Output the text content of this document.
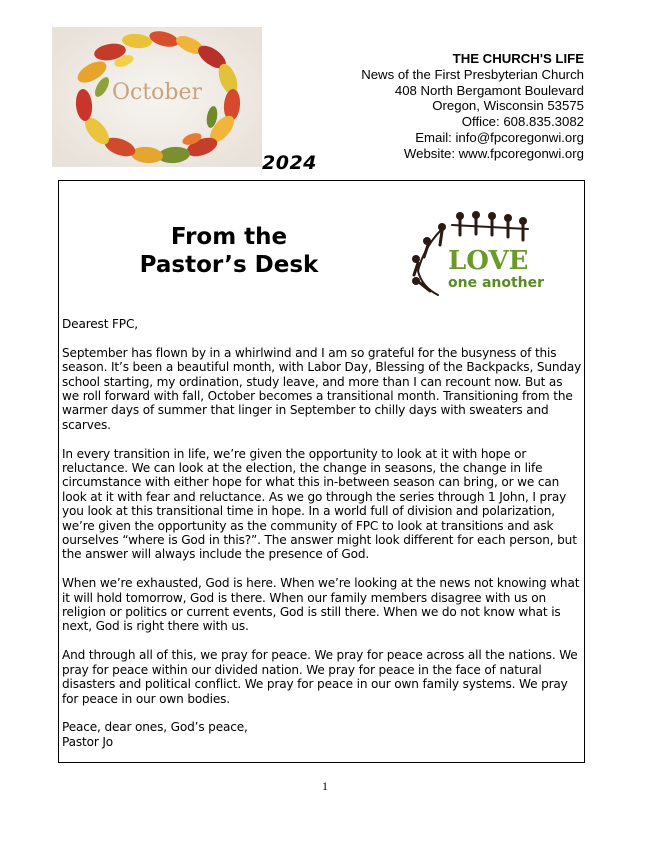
October
2024
THE CHURCH'S LIFE
News of the First Presbyterian Church
408 North Bergamont Boulevard
Oregon, Wisconsin 53575
Office: 608.835.3082
Email: info@fpcoregonwi.org
Website: www.fpcoregonwi.org
From the
Pastor’s Desk	LOVE
one another

Dearest FPC,

September has flown by in a whirlwind and I am so grateful for the busyness of this season. It’s been a beautiful month, with Labor Day, Blessing of the Backpacks, Sunday school starting, my ordination, study leave, and more than I can recount now. But as we roll forward with fall, October becomes a transitional month. Transitioning from the warmer days of summer that linger in September to chilly days with sweaters and scarves.

In every transition in life, we’re given the opportunity to look at it with hope or reluctance. We can look at the election, the change in seasons, the change in life circumstance with either hope for what this in-between season can bring, or we can look at it with fear and reluctance. As we go through the series through 1 John, I pray you look at this transitional time in hope. In a world full of division and polarization, we’re given the opportunity as the community of FPC to look at transitions and ask ourselves “where is God in this?”. The answer might look different for each person, but the answer will always include the presence of God.

When we’re exhausted, God is here. When we’re looking at the news not knowing what it will hold tomorrow, God is there. When our family members disagree with us on religion or politics or current events, God is still there. When we do not know what is next, God is right there with us.

And through all of this, we pray for peace. We pray for peace across all the nations. We pray for peace within our divided nation. We pray for peace in the face of natural disasters and political conflict. We pray for peace in our own family systems. We pray for peace in our own bodies.

Peace, dear ones, God’s peace,

Pastor Jo

1
